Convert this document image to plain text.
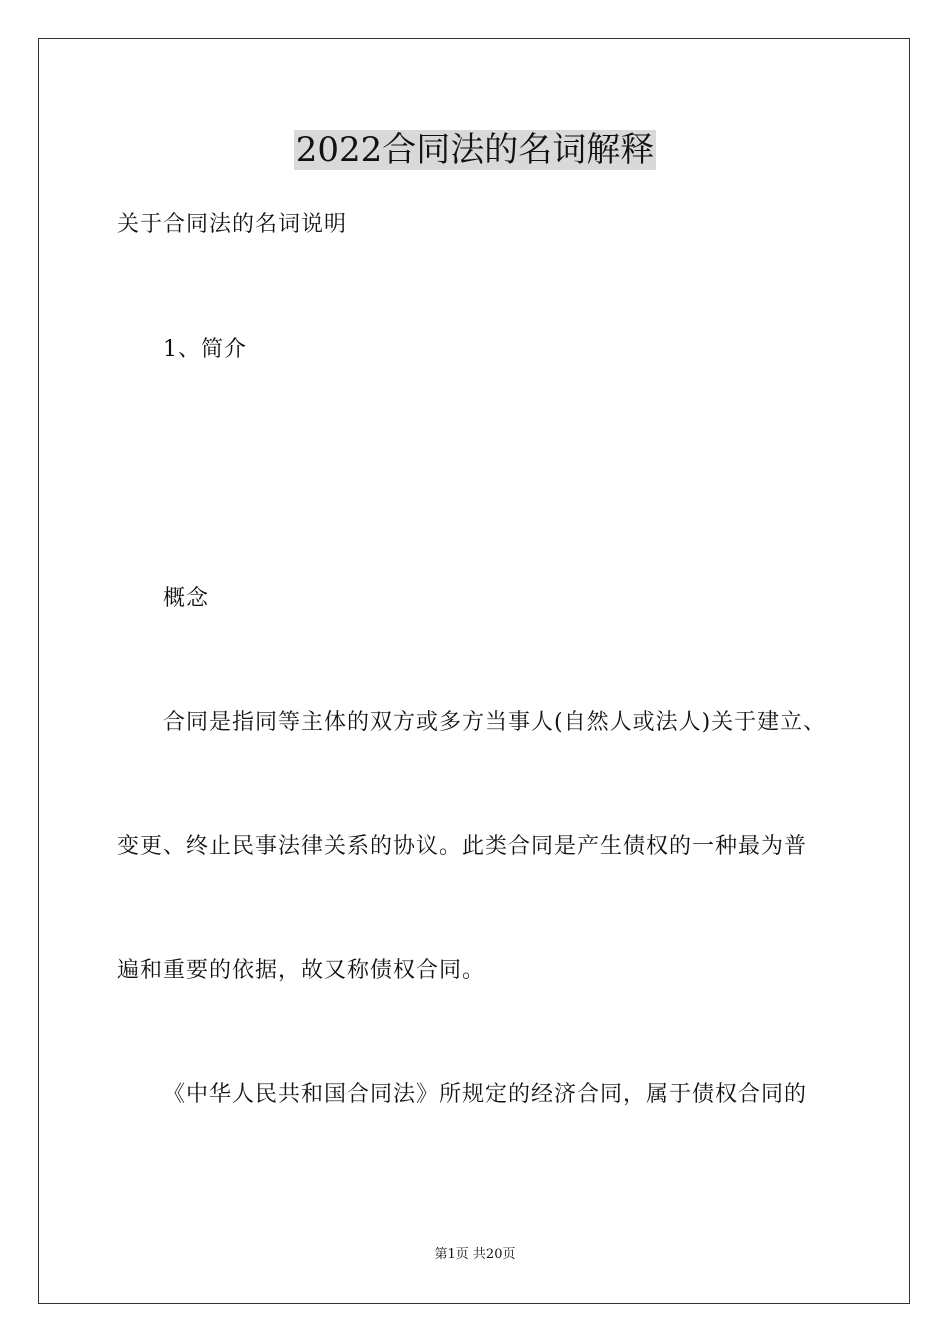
2022合同法的名词解释
关于合同法的名词说明
1、简介
概念
合同是指同等主体的双方或多方当事人(自然人或法人)关于建立、
变更、终止民事法律关系的协议。此类合同是产生债权的一种最为普
遍和重要的依据，故又称债权合同。
《中华人民共和国合同法》所规定的经济合同，属于债权合同的
第1页 共20页
